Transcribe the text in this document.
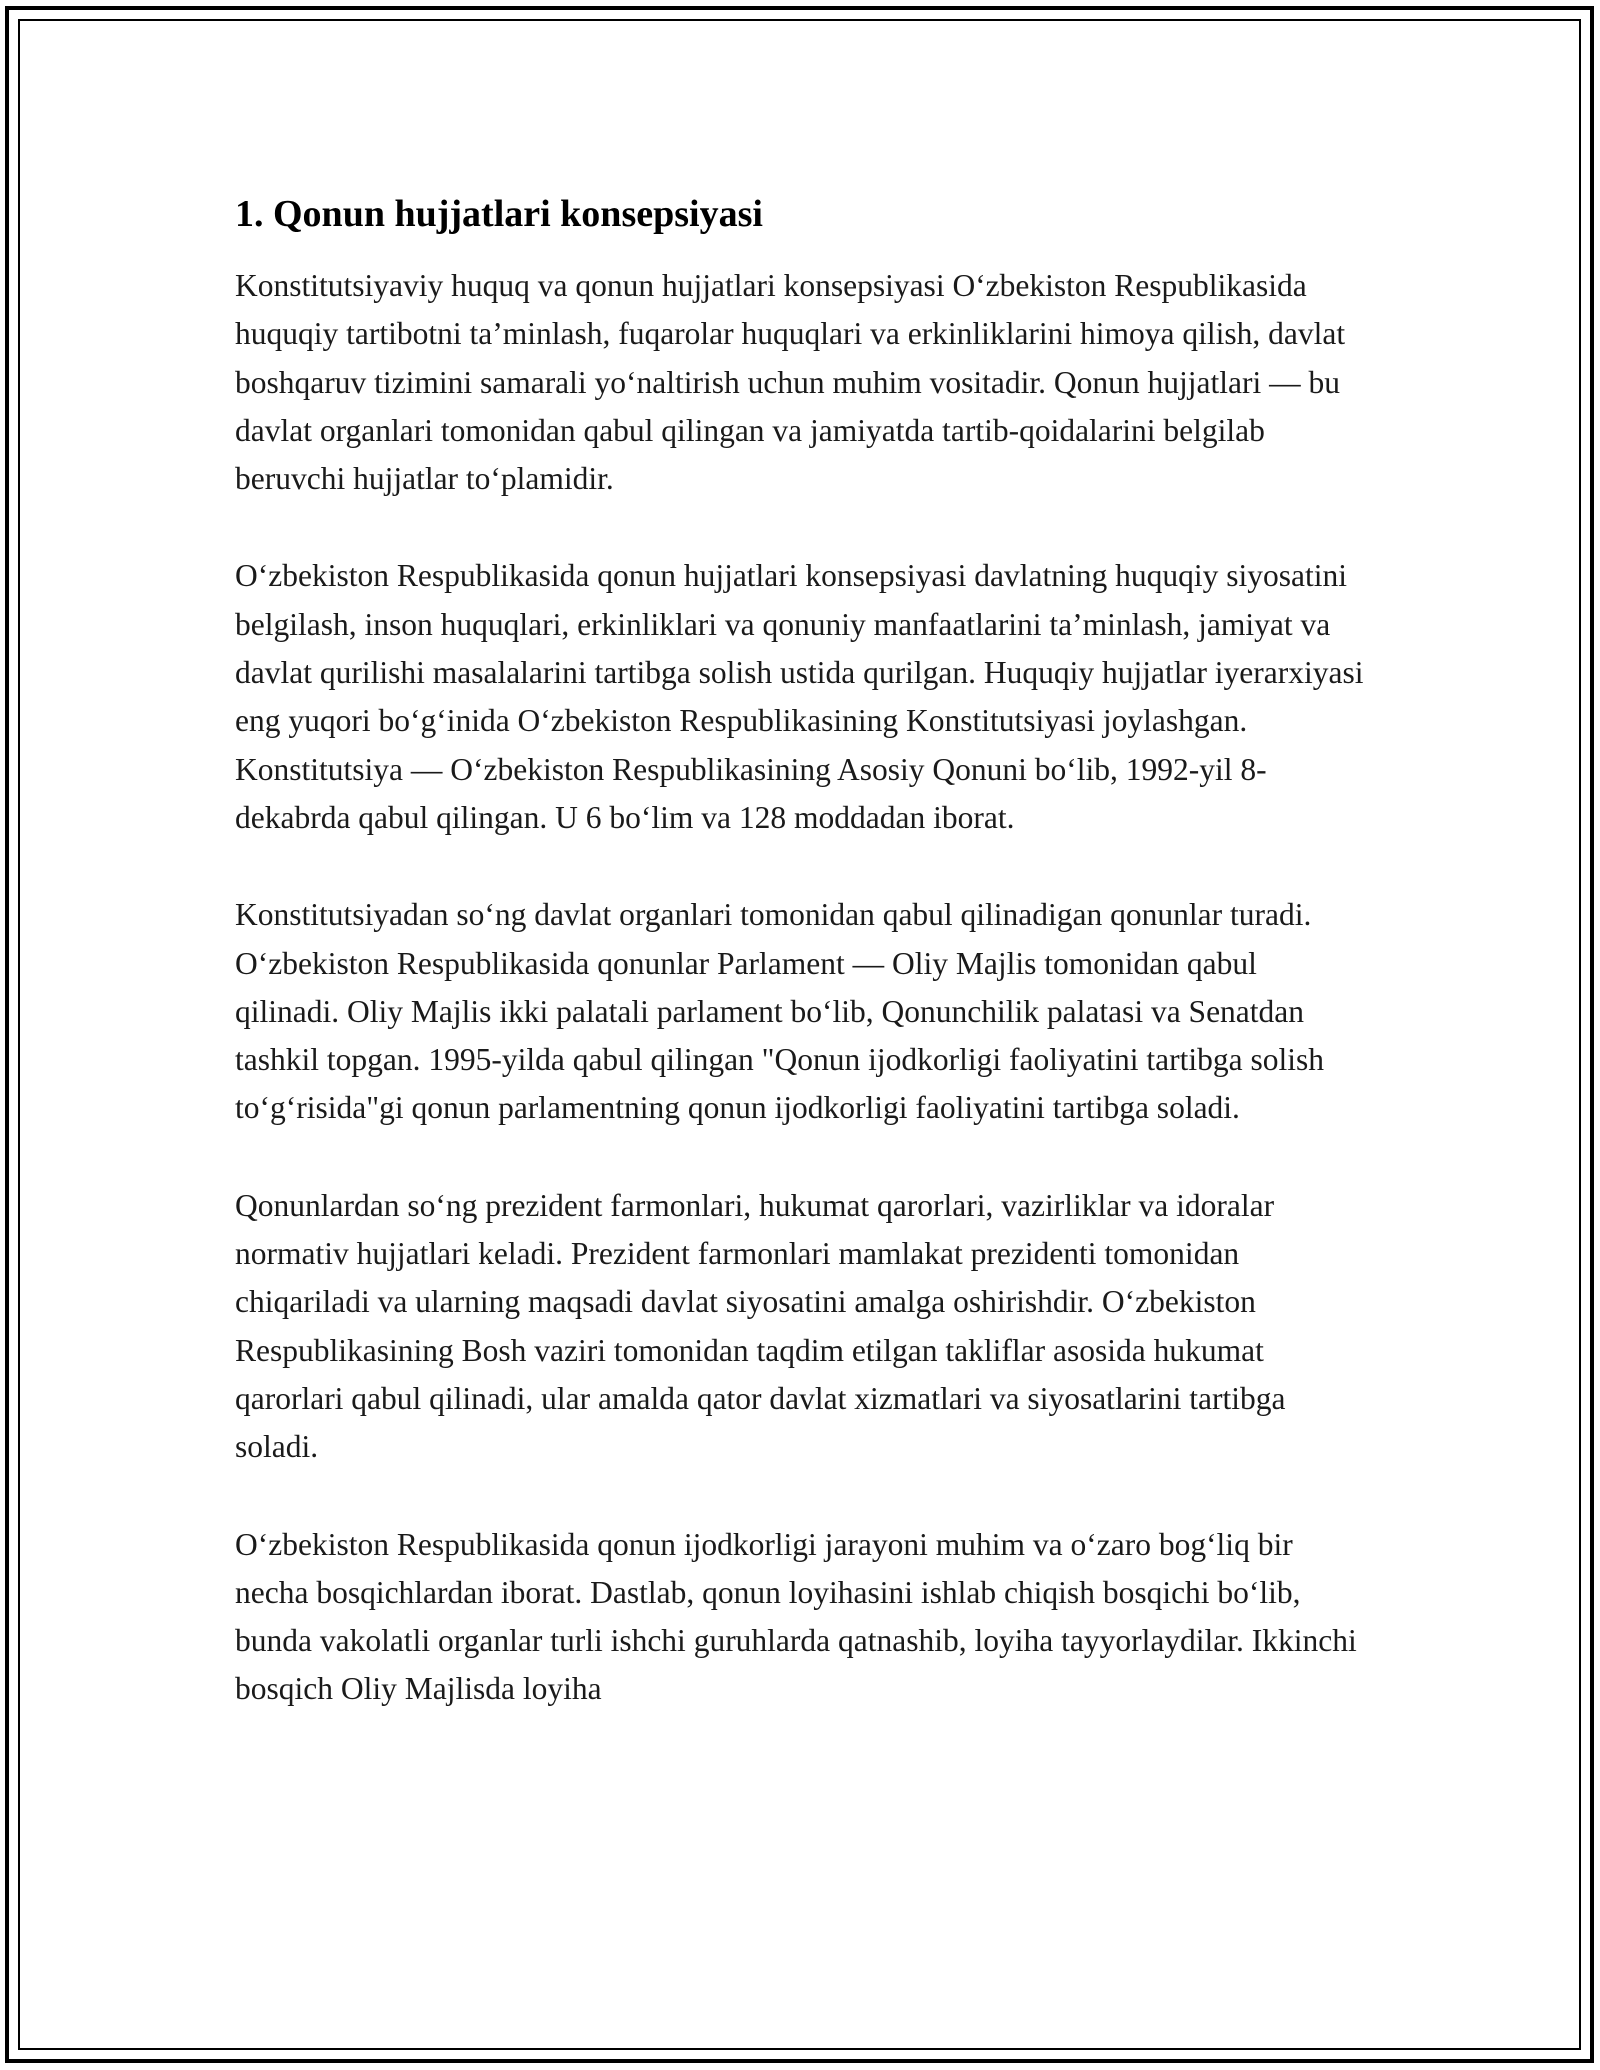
1. Qonun hujjatlari konsepsiyasi

Konstitutsiyaviy huquq va qonun hujjatlari konsepsiyasi Oʻzbekiston Respublikasida huquqiy tartibotni taʼminlash, fuqarolar huquqlari va erkinliklarini himoya qilish, davlat boshqaruv tizimini samarali yoʻnaltirish uchun muhim vositadir. Qonun hujjatlari — bu davlat organlari tomonidan qabul qilingan va jamiyatda tartib-qoidalarini belgilab beruvchi hujjatlar toʻplamidir.

Oʻzbekiston Respublikasida qonun hujjatlari konsepsiyasi davlatning huquqiy siyosatini belgilash, inson huquqlari, erkinliklari va qonuniy manfaatlarini taʼminlash, jamiyat va davlat qurilishi masalalarini tartibga solish ustida qurilgan. Huquqiy hujjatlar iyerarxiyasi eng yuqori boʻgʻinida Oʻzbekiston Respublikasining Konstitutsiyasi joylashgan. Konstitutsiya — Oʻzbekiston Respublikasining Asosiy Qonuni boʻlib, 1992-yil 8-dekabrda qabul qilingan. U 6 boʻlim va 128 moddadan iborat.

Konstitutsiyadan soʻng davlat organlari tomonidan qabul qilinadigan qonunlar turadi. Oʻzbekiston Respublikasida qonunlar Parlament — Oliy Majlis tomonidan qabul qilinadi. Oliy Majlis ikki palatali parlament boʻlib, Qonunchilik palatasi va Senatdan tashkil topgan. 1995-yilda qabul qilingan "Qonun ijodkorligi faoliyatini tartibga solish toʻgʻrisida"gi qonun parlamentning qonun ijodkorligi faoliyatini tartibga soladi.

Qonunlardan soʻng prezident farmonlari, hukumat qarorlari, vazirliklar va idoralar normativ hujjatlari keladi. Prezident farmonlari mamlakat prezidenti tomonidan chiqariladi va ularning maqsadi davlat siyosatini amalga oshirishdir. Oʻzbekiston Respublikasining Bosh vaziri tomonidan taqdim etilgan takliflar asosida hukumat qarorlari qabul qilinadi, ular amalda qator davlat xizmatlari va siyosatlarini tartibga soladi.

Oʻzbekiston Respublikasida qonun ijodkorligi jarayoni muhim va oʻzaro bogʻliq bir necha bosqichlardan iborat. Dastlab, qonun loyihasini ishlab chiqish bosqichi boʻlib, bunda vakolatli organlar turli ishchi guruhlarda qatnashib, loyiha tayyorlaydilar. Ikkinchi bosqich Oliy Majlisda loyiha
